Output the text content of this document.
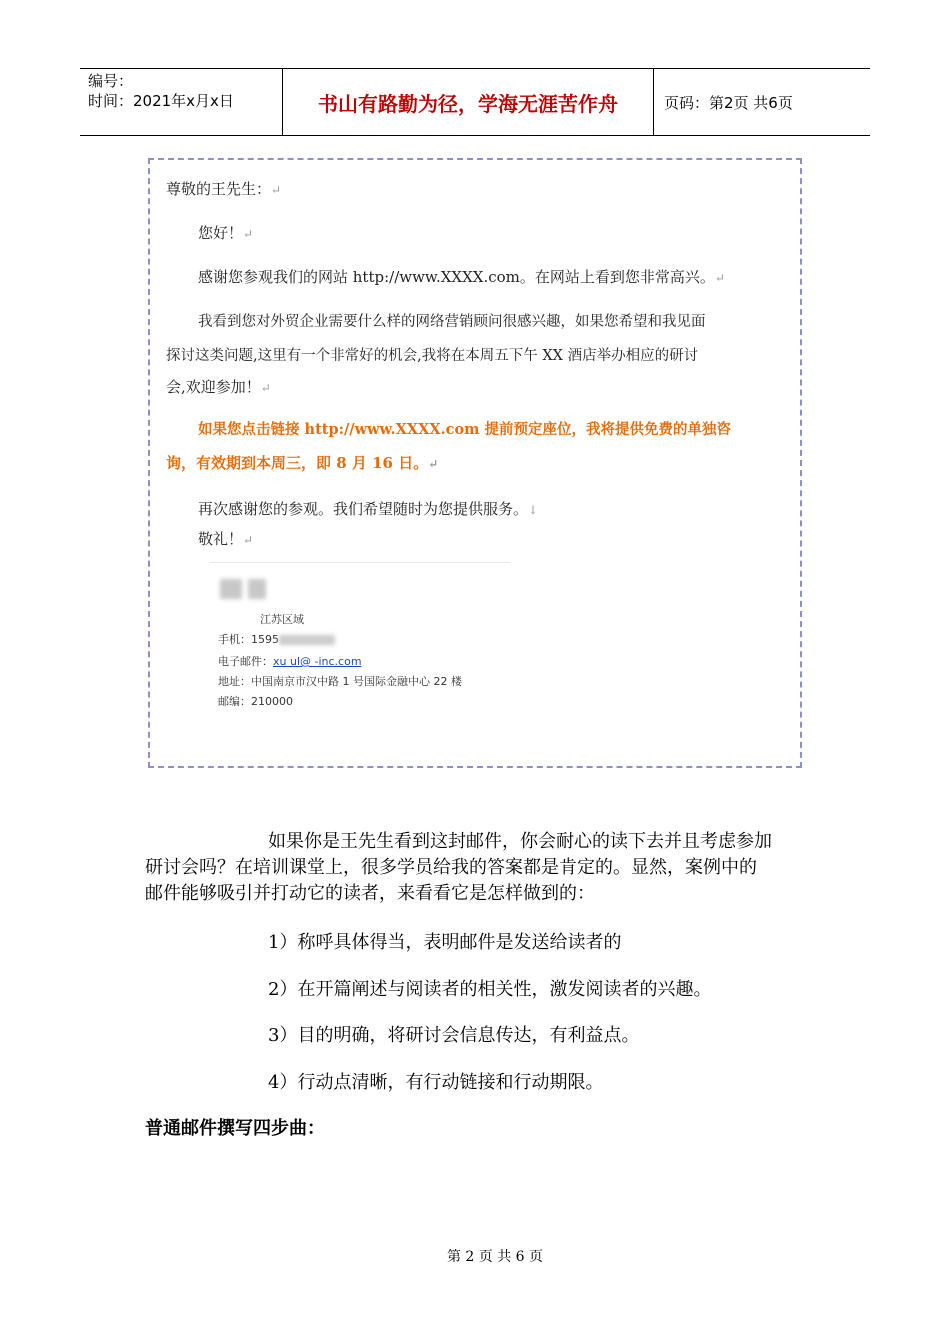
编号：
时间：2021年x月x日	书山有路勤为径，学海无涯苦作舟	页码：第2页 共6页
尊敬的王先生：↵
您好！↵
感谢您参观我们的网站 http://www.XXXX.com。在网站上看到您非常高兴。↵
我看到您对外贸企业需要什么样的网络营销顾问很感兴趣，如果您希望和我见面
探讨这类问题,这里有一个非常好的机会,我将在本周五下午 XX 酒店举办相应的研讨
会,欢迎参加！↵
如果您点击链接 http://www.XXXX.com 提前预定座位，我将提供免费的单独咨
询，有效期到本周三，即 8 月 16 日。↵
再次感谢您的参观。我们希望随时为您提供服务。↓
敬礼！↵
江苏区域
手机：1595
电子邮件：xu ul@ -inc.com
地址：中国南京市汉中路 1 号国际金融中心 22 楼
邮编：210000
如果你是王先生看到这封邮件，你会耐心的读下去并且考虑参加
研讨会吗？在培训课堂上，很多学员给我的答案都是肯定的。显然，案例中的
邮件能够吸引并打动它的读者，来看看它是怎样做到的：
1）称呼具体得当，表明邮件是发送给读者的
2）在开篇阐述与阅读者的相关性，激发阅读者的兴趣。
3）目的明确，将研讨会信息传达，有利益点。
4）行动点清晰，有行动链接和行动期限。
普通邮件撰写四步曲：
第 2 页 共 6 页
